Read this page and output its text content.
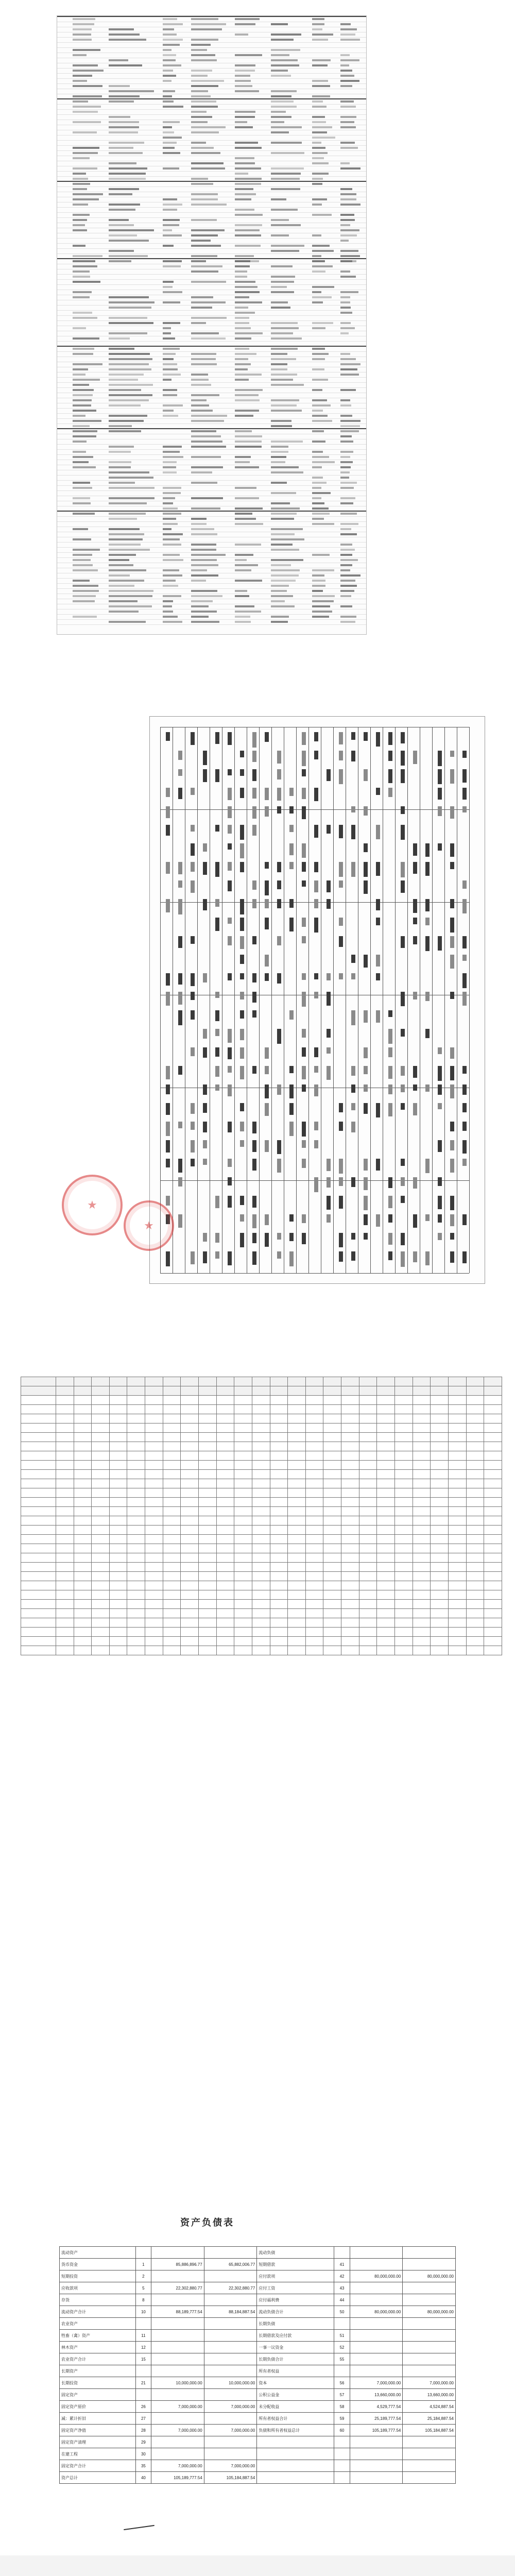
★
★

资产负债表
流动资产				流动负债			
货币资金	1	85,886,896.77	65,882,006.77	短期借款	41		
短期投资	2			应付款项	42	80,000,000.00	80,000,000.00
应收款项	5	22,302,880.77	22,302,880.77	应付工资	43		
存货	8			应付福利费	44		
流动资产合计	10	88,189,777.54	88,184,887.54	流动负债合计	50	80,000,000.00	80,000,000.00
农业资产				长期负债			
牲畜（禽）资产	11			长期借款及应付款	51		
林木资产	12			一事一议资金	52		
农业资产合计	15			长期负债合计	55		
长期资产				所有者权益			
长期投资	21	10,000,000.00	10,000,000.00	资本	56	7,000,000.00	7,000,000.00
固定资产				公积公益金	57	13,660,000.00	13,660,000.00
固定资产原价	26	7,000,000.00	7,000,000.00	未分配收益	58	4,529,777.54	4,524,887.54
减：累计折旧	27			所有者权益合计	59	25,189,777.54	25,184,887.54
固定资产净值	28	7,000,000.00	7,000,000.00	负债和所有者权益总计	60	105,189,777.54	105,184,887.54
固定资产清理	29						
在建工程	30						
固定资产合计	35	7,000,000.00	7,000,000.00				
资产总计	40	105,189,777.54	105,184,887.54				
